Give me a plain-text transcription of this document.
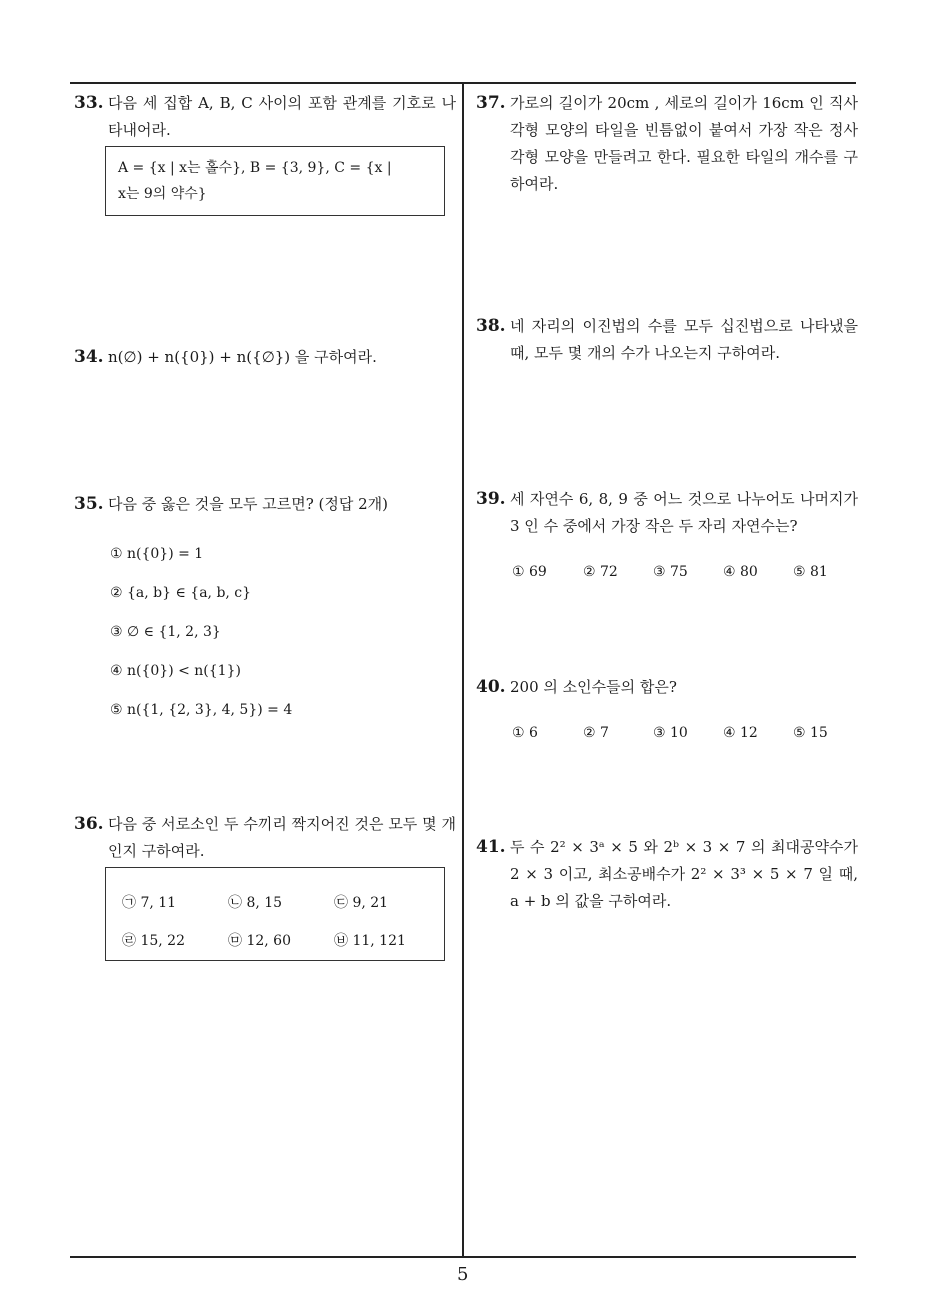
33. 다음 세 집합 A, B, C 사이의 포함 관계를 기호로 나타내어라.
A = {x | x는 홀수}, B = {3, 9}, C = {x |
x는 9의 약수}
34. n(∅) + n({0}) + n({∅}) 을 구하여라.
35. 다음 중 옳은 것을 모두 고르면? (정답 2개)
① n({0}) = 1
② {a, b} ∈ {a, b, c}
③ ∅ ∈ {1, 2, 3}
④ n({0}) < n({1})
⑤ n({1, {2, 3}, 4, 5}) = 4
36. 다음 중 서로소인 두 수끼리 짝지어진 것은 모두 몇 개인지 구하여라.
㉠ 7, 11	㉡ 8, 15	㉢ 9, 21
㉣ 15, 22	㉤ 12, 60	㉥ 11, 121
37. 가로의 길이가 20cm , 세로의 길이가 16cm 인 직사각형 모양의 타일을 빈틈없이 붙여서 가장 작은 정사각형 모양을 만들려고 한다. 필요한 타일의 개수를 구하여라.
38. 네 자리의 이진법의 수를 모두 십진법으로 나타냈을 때, 모두 몇 개의 수가 나오는지 구하여라.
39. 세 자연수 6, 8, 9 중 어느 것으로 나누어도 나머지가 3 인 수 중에서 가장 작은 두 자리 자연수는?
① 69	② 72	③ 75	④ 80	⑤ 81
40. 200 의 소인수들의 합은?
① 6	② 7	③ 10	④ 12	⑤ 15
41. 두 수 2² × 3ᵃ × 5 와 2ᵇ × 3 × 7 의 최대공약수가 2 × 3 이고, 최소공배수가 2² × 3³ × 5 × 7 일 때, a + b 의 값을 구하여라.
5
